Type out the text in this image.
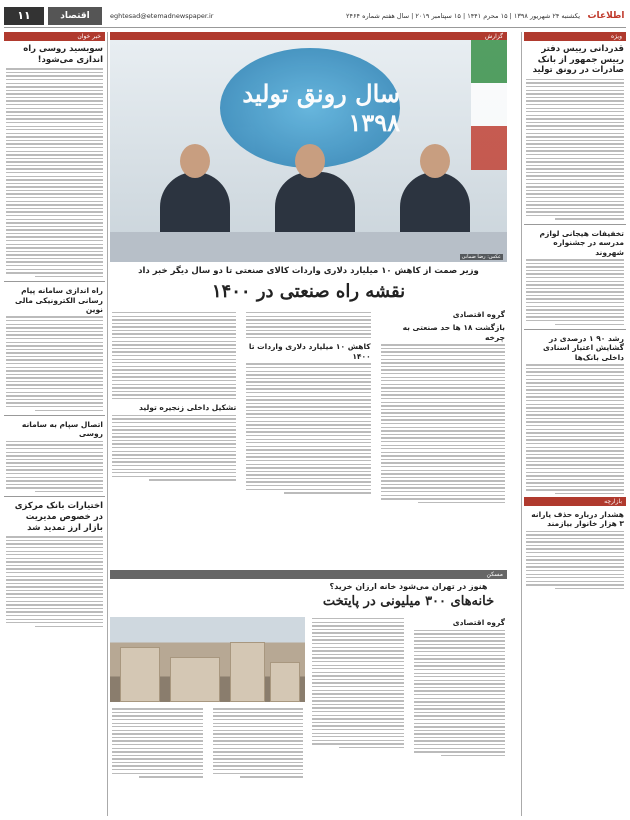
اطلاعات
یکشنبه ۲۴ شهریور ۱۳۹۸ | ۱۵ محرم ۱۴۴۱ | ۱۵ سپتامبر ۲۰۱۹ | سال هفتم شماره ۲۴۶۴
eghtesad@etemadnewspaper.ir
اقتصاد
۱۱
ویژه
قدردانی رییس دفتر رییس جمهور از بانک صادرات در رونق تولید
تخفیفات هیجانی لوازم مدرسه در جشنواره شهروند
رشد ۹۰ ۱ درصدی در گشایش اعتبار اسنادی داخلی بانک‌ها
بازارچه
هشدار درباره حذف یارانه ۳ هزار خانوار بیازمند
گزارش
سال رونق تولید ۱۳۹۸
عکس: رضا ضمانی
وزیر صمت از کاهش ۱۰ میلیارد دلاری واردات کالای صنعتی تا دو سال دیگر خبر داد
نقشه راه صنعتی در ۱۴۰۰
گروه اقتصادی
بازگشت ۱۸ ها حد صنعتی به چرخه
کاهش ۱۰ میلیارد دلاری واردات تا ۱۴۰۰
تشکیل داخلی زنجیره تولید
مسکن
هنوز در تهران می‌شود خانه ارزان خرید؟
خانه‌های ۳۰۰ میلیونی در پایتخت
گروه اقتصادی
خبر خوان
سوبسید روسی راه اندازی می‌شود!
راه اندازی سامانه پیام رسانی الکترونیکی مالی نوین
اتصال سپام به سامانه روسی
اختیارات بانک مرکزی در خصوص مدیریت بازار ارز تمدید شد
